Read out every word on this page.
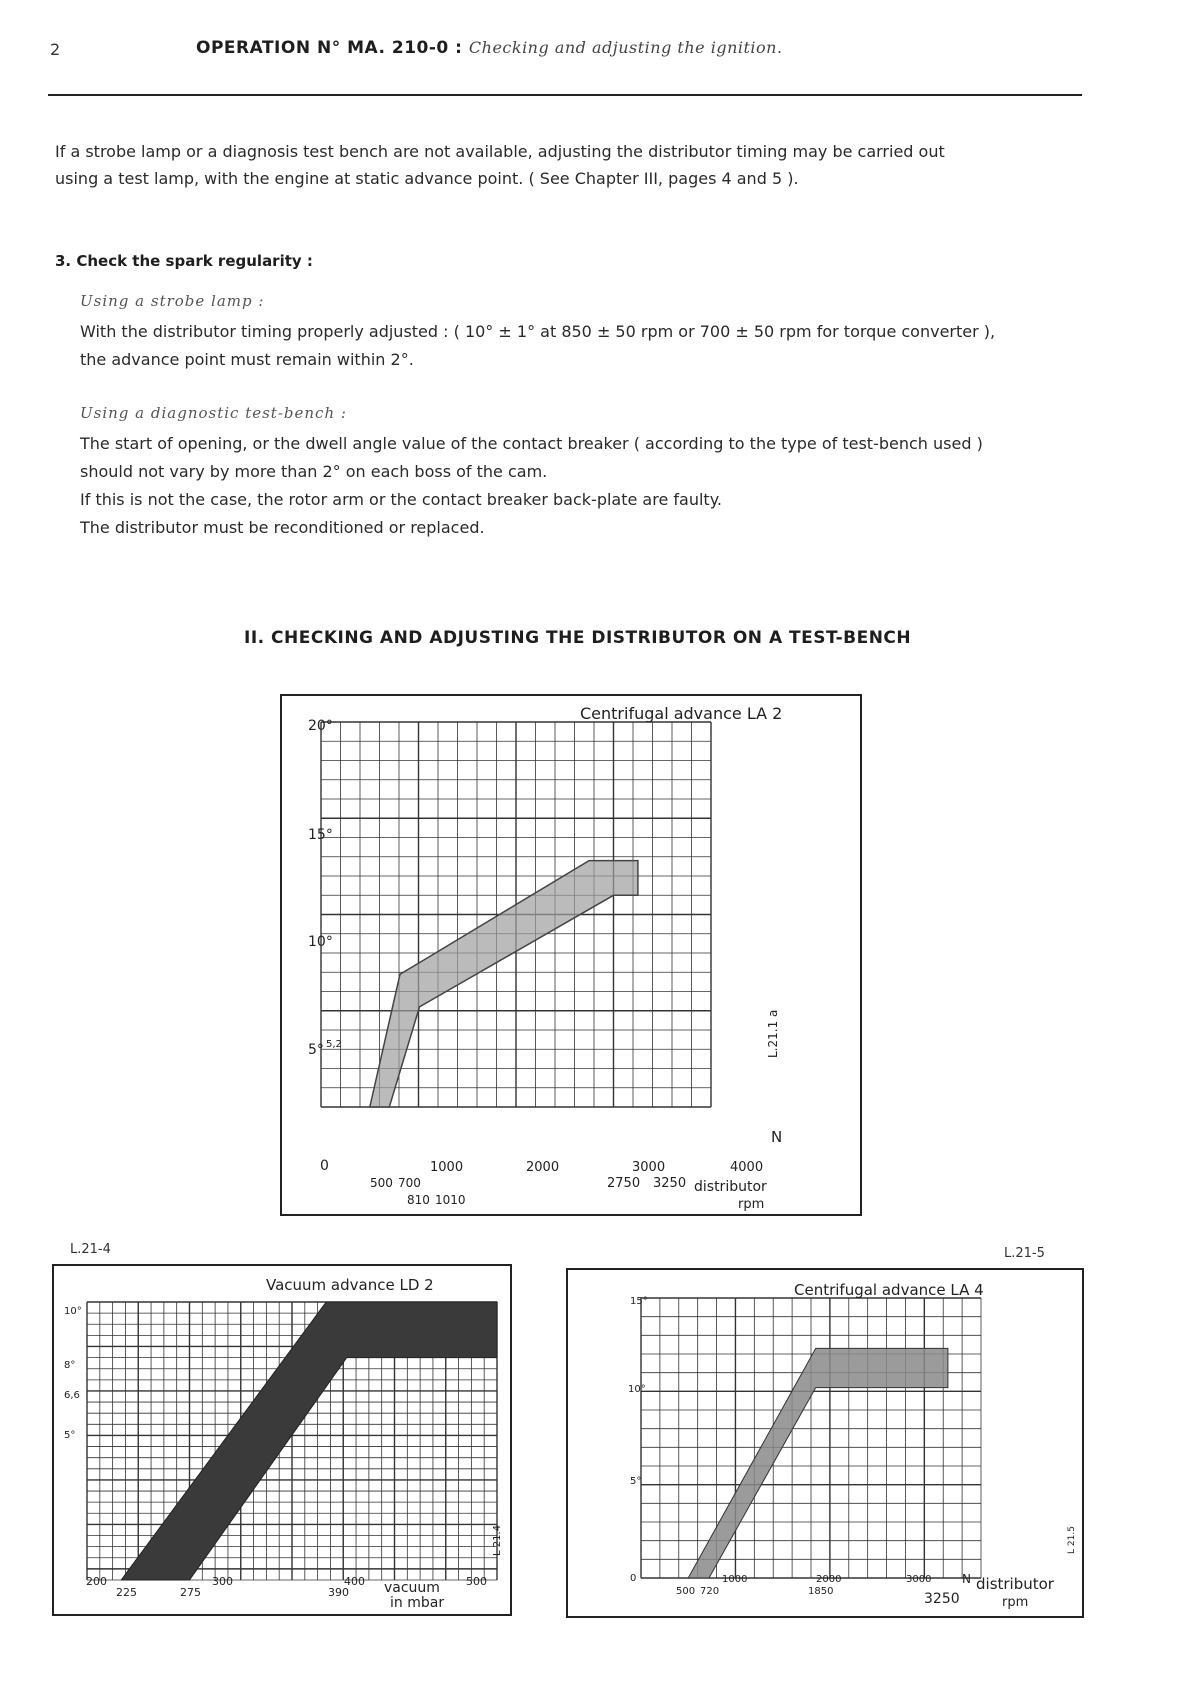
2	OPERATION N° MA. 210-0 : Checking and adjusting the ignition.

If a strobe lamp or a diagnosis test bench are not available, adjusting the distributor timing may be carried out

using a test lamp, with the engine at static advance point. ( See Chapter III, pages 4 and 5 ).

3. Check the spark regularity :
Using a strobe lamp :

With the distributor timing properly adjusted : ( 10° ± 1° at 850 ± 50 rpm or 700 ± 50 rpm for torque converter ),

the advance point must remain within 2°.

Using a diagnostic test-bench :

The start of opening, or the dwell angle value of the contact breaker ( according to the type of test-bench used )

should not vary by more than 2° on each boss of the cam.

If this is not the case, the rotor arm or the contact breaker back-plate are faulty.

The distributor must be reconditioned or replaced.

II. CHECKING AND ADJUSTING THE DISTRIBUTOR ON A TEST-BENCH
Centrifugal advance LA 2
20°
15°
10°
5° 5,2
0	1000	2000	3000	4000
500 700
810 1010
2750 3250
N
distributor
rpm
L.21.1 a
L.21-4	L.21-5
Vacuum advance LD 2
10°
8°
6,6
5°
200
225	275
300	400
390
500
vacuum
in mbar
L 21.4
Centrifugal advance LA 4
15°
10°
5°
0	1000
500 720
2000
1850
3000
3250
N distributor
rpm
L 21.5
